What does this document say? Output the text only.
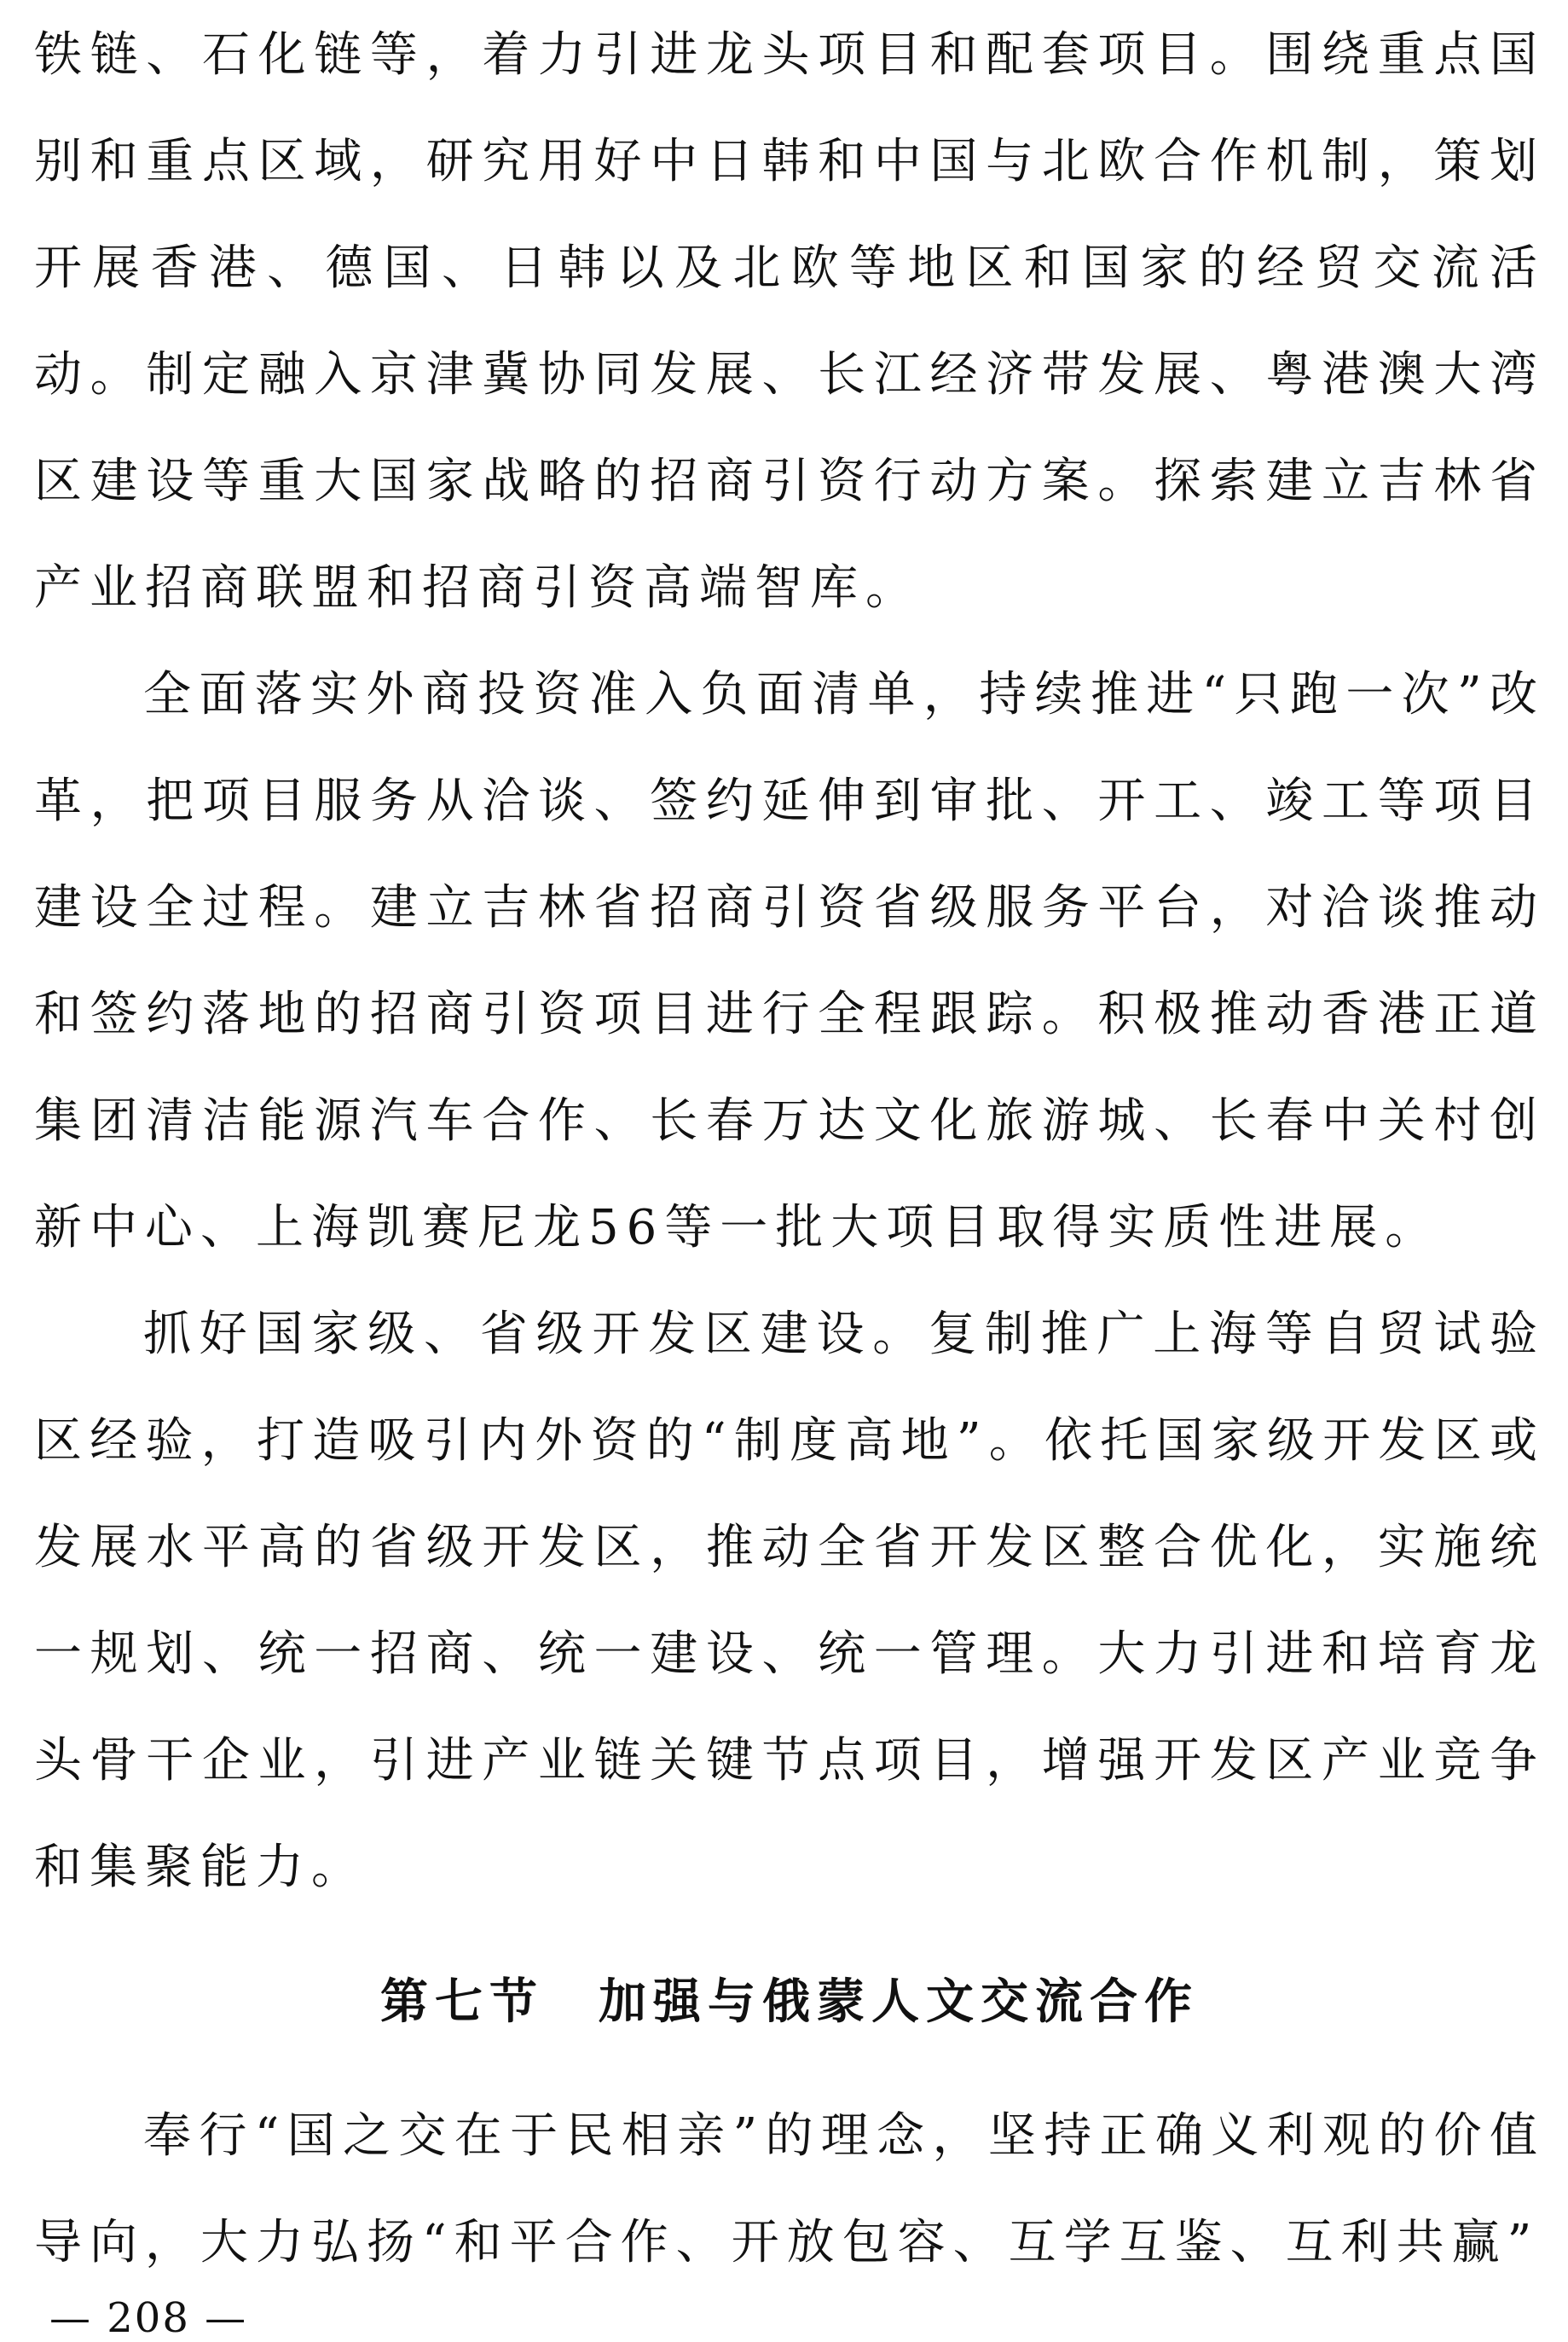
铁链、石化链等，着力引进龙头项目和配套项目。围绕重点国别和重点区域，研究用好中日韩和中国与北欧合作机制，策划开展香港、德国、日韩以及北欧等地区和国家的经贸交流活动。制定融入京津冀协同发展、长江经济带发展、粤港澳大湾区建设等重大国家战略的招商引资行动方案。探索建立吉林省产业招商联盟和招商引资高端智库。

全面落实外商投资准入负面清单，持续推进“只跑一次”改革，把项目服务从洽谈、签约延伸到审批、开工、竣工等项目建设全过程。建立吉林省招商引资省级服务平台，对洽谈推动和签约落地的招商引资项目进行全程跟踪。积极推动香港正道集团清洁能源汽车合作、长春万达文化旅游城、长春中关村创新中心、上海凯赛尼龙56等一批大项目取得实质性进展。

抓好国家级、省级开发区建设。复制推广上海等自贸试验区经验，打造吸引内外资的“制度高地”。依托国家级开发区或发展水平高的省级开发区，推动全省开发区整合优化，实施统一规划、统一招商、统一建设、统一管理。大力引进和培育龙头骨干企业，引进产业链关键节点项目，增强开发区产业竞争和集聚能力。

第七节　加强与俄蒙人文交流合作

奉行“国之交在于民相亲”的理念，坚持正确义利观的价值导向，大力弘扬“和平合作、开放包容、互学互鉴、互利共赢”

— 208 —
